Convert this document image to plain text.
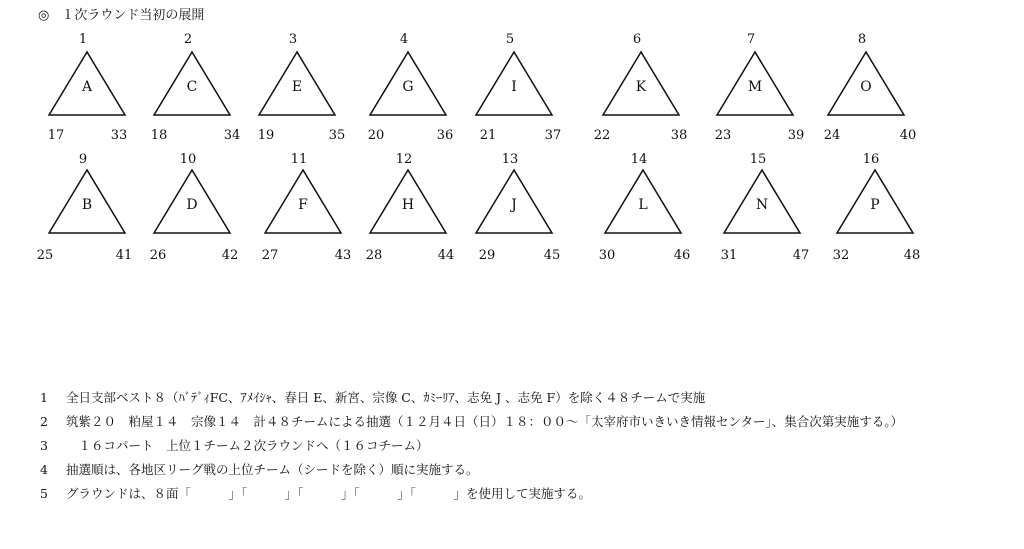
◎ １次ラウンド当初の展開
1
A
17	33
2
C
18	34
3
E
19	35
4
G
20	36
5
I
21	37
6
K
22	38
7
M
23	39
8
O
24	40
9
B
25	41
10
D
26	42
11
F
27	43
12
H
28	44
13
J
29	45
14
L
30	46
15
N
31	47
16
P
32	48
1 全日支部ベスト８（ﾊﾞﾃﾞｨFC、ｱﾒｲｼｬ、春日 E、新宮、宗像 C、ｶﾐｰﾘｱ、志免 J 、志免 F）を除く４８チームで実施
2 筑紫２０　粕屋１４　宗像１４　計４８チームによる抽選（１２月４日（日）１８：００～「太宰府市いきいき情報センター」、集合次第実施する。）
3　１６コパート　上位１チーム２次ラウンドへ（１６コチーム）
4 抽選順は、各地区リーグ戦の上位チーム（シードを除く）順に実施する。
5 グラウンドは、８面「　　　」「　　　」「　　　」「　　　」「　　　」を使用して実施する。
